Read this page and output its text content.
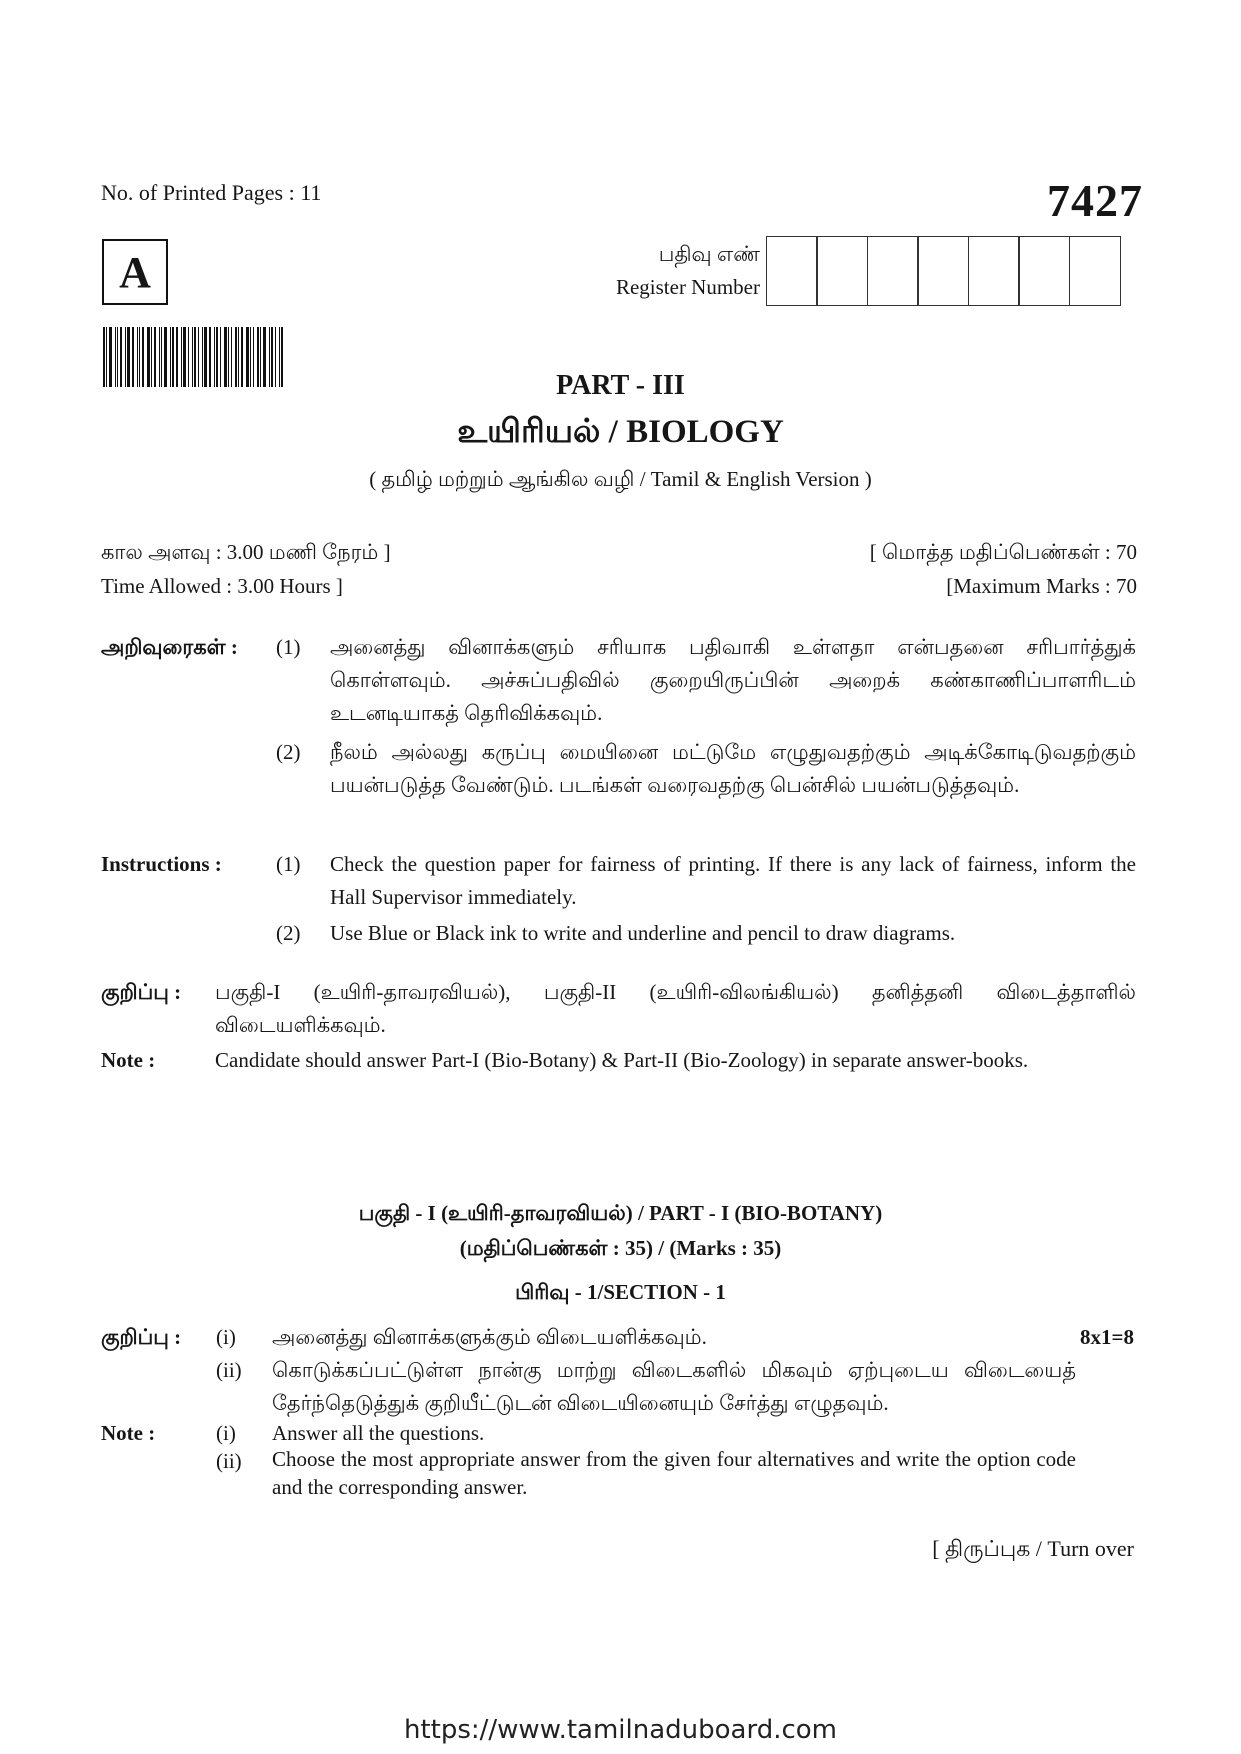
No. of Printed Pages : 11	7427
A	பதிவு எண்
Register Number
PART - III
உயிரியல் / BIOLOGY
( தமிழ் மற்றும் ஆங்கில வழி / Tamil & English Version )
கால அளவு : 3.00 மணி நேரம் ]
Time Allowed : 3.00 Hours ]
[ மொத்த மதிப்பெண்கள் : 70
[Maximum Marks : 70
அறிவுரைகள் : (1) அனைத்து வினாக்களும் சரியாக பதிவாகி உள்ளதா என்பதனை சரிபார்த்துக் கொள்ளவும். அச்சுப்பதிவில் குறையிருப்பின் அறைக் கண்காணிப்பாளரிடம் உடனடியாகத் தெரிவிக்கவும்.
(2) நீலம் அல்லது கருப்பு மையினை மட்டுமே எழுதுவதற்கும் அடிக்கோடிடுவதற்கும் பயன்படுத்த வேண்டும். படங்கள் வரைவதற்கு பென்சில் பயன்படுத்தவும்.
Instructions :	(1) Check the question paper for fairness of printing. If there is any lack of fairness, inform the Hall Supervisor immediately.
(2) Use Blue or Black ink to write and underline and pencil to draw diagrams.
குறிப்பு : பகுதி-I (உயிரி-தாவரவியல்), பகுதி-II (உயிரி-விலங்கியல்) தனித்தனி விடைத்தாளில் விடையளிக்கவும்.
Note :	Candidate should answer Part-I (Bio-Botany) & Part-II (Bio-Zoology) in separate answer-books.
பகுதி - I (உயிரி-தாவரவியல்) / PART - I (BIO-BOTANY)
(மதிப்பெண்கள் : 35) / (Marks : 35)
பிரிவு - 1/SECTION - 1
குறிப்பு :	8x1=8
(i) அனைத்து வினாக்களுக்கும் விடையளிக்கவும்.
(ii) கொடுக்கப்பட்டுள்ள நான்கு மாற்று விடைகளில் மிகவும் ஏற்புடைய விடையைத் தேர்ந்தெடுத்துக் குறியீட்டுடன் விடையினையும் சேர்த்து எழுதவும்.
Note :	(i) Answer all the questions.
(ii) Choose the most appropriate answer from the given four alternatives and write the option code and the corresponding answer.
[ திருப்புக / Turn over
https://www.tamilnaduboard.com
